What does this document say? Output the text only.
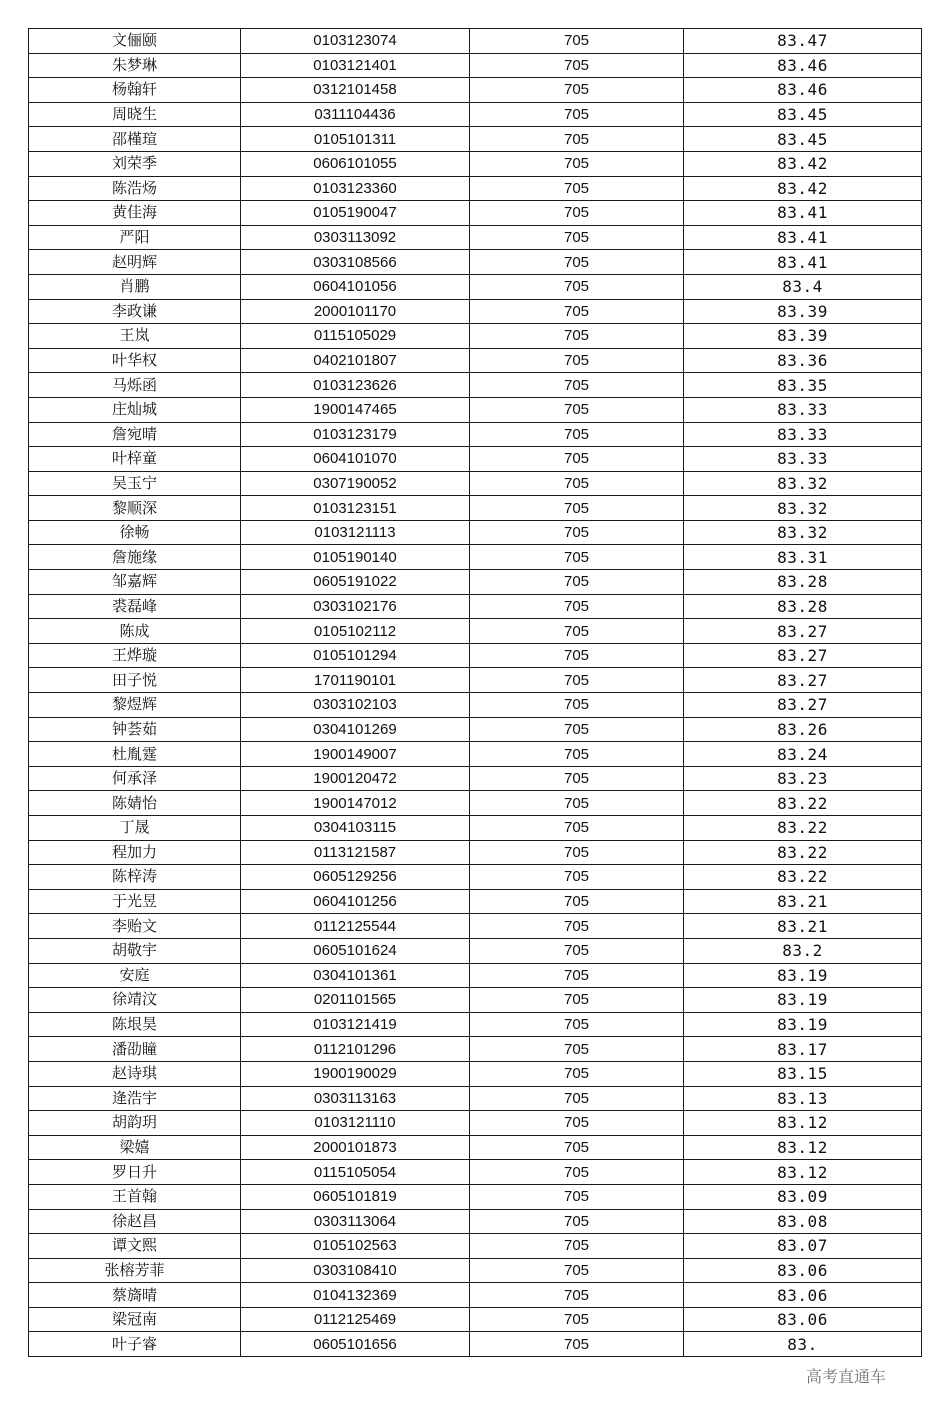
文俪颐	0103123074	705	83.47
朱梦琳	0103121401	705	83.46
杨翰轩	0312101458	705	83.46
周晓生	0311104436	705	83.45
邵槿瑄	0105101311	705	83.45
刘荣季	0606101055	705	83.42
陈浩炀	0103123360	705	83.42
黄佳海	0105190047	705	83.41
严阳	0303113092	705	83.41
赵明辉	0303108566	705	83.41
肖鹏	0604101056	705	83.4
李政谦	2000101170	705	83.39
王岚	0115105029	705	83.39
叶华权	0402101807	705	83.36
马烁函	0103123626	705	83.35
庄灿城	1900147465	705	83.33
詹宛晴	0103123179	705	83.33
叶梓童	0604101070	705	83.33
吴玉宁	0307190052	705	83.32
黎顺深	0103123151	705	83.32
徐畅	0103121113	705	83.32
詹施缘	0105190140	705	83.31
邹嘉辉	0605191022	705	83.28
裘磊峰	0303102176	705	83.28
陈成	0105102112	705	83.27
王烨璇	0105101294	705	83.27
田子悦	1701190101	705	83.27
黎煜辉	0303102103	705	83.27
钟荟茹	0304101269	705	83.26
杜胤霆	1900149007	705	83.24
何承泽	1900120472	705	83.23
陈婧怡	1900147012	705	83.22
丁晟	0304103115	705	83.22
程加力	0113121587	705	83.22
陈梓涛	0605129256	705	83.22
于光昱	0604101256	705	83.21
李贻文	0112125544	705	83.21
胡敬宇	0605101624	705	83.2
安庭	0304101361	705	83.19
徐靖汶	0201101565	705	83.19
陈垠昊	0103121419	705	83.19
潘劭瞳	0112101296	705	83.17
赵诗琪	1900190029	705	83.15
逄浩宇	0303113163	705	83.13
胡韵玥	0103121110	705	83.12
梁嬉	2000101873	705	83.12
罗日升	0115105054	705	83.12
王首翰	0605101819	705	83.09
徐赵昌	0303113064	705	83.08
谭文熙	0105102563	705	83.07
张榕芳菲	0303108410	705	83.06
蔡旖晴	0104132369	705	83.06
梁冠南	0112125469	705	83.06
叶子睿	0605101656	705	83.
高考直通车
